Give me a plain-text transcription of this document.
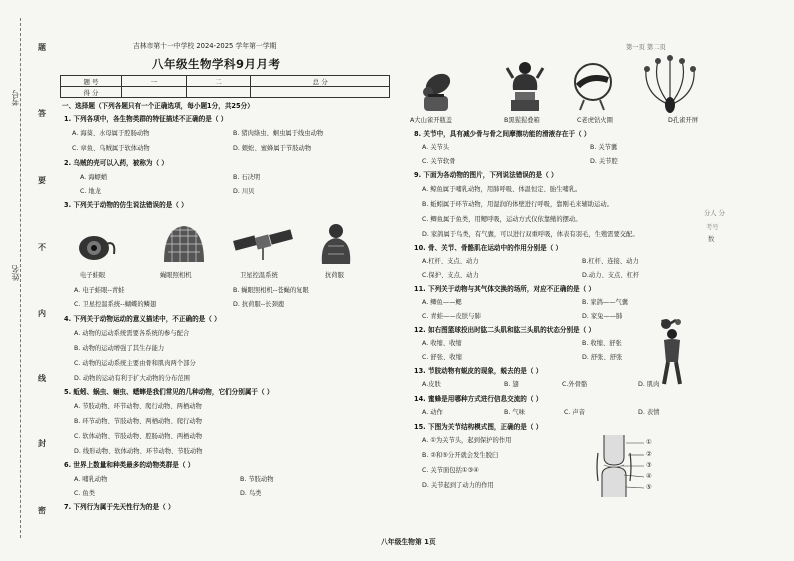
题
答
要
不
内
线
封
密
考号
姓名
吉林市第十一中学校 2024-2025 学年第一学期
八年级生物学科9月月考
题 号	一	二	总 分
得 分			
一、选择题（下列各题只有一个正确选项，每小题1分，共25分）
1. 下列各项中，各生物类群的特征描述不正确的是（ ）
A. 海葵、水母属于腔肠动物	B. 猪肉绦虫、蛔虫属于线虫动物
C. 章鱼、乌贼属于软体动物	D. 蜈蚣、蜜蜂属于节肢动物
2. 乌贼的壳可以入药，被称为（ ）
A. 海螵蛸	B. 石决明
C. 地龙	D. 川贝
3. 下列关于动物的仿生说法错误的是（ ）
电子蛙眼	蝇眼照相机	卫星控温系统	抗荷服
A. 电子蛙眼--青蛙	B. 蝇眼照相机--苍蝇的复眼
C. 卫星控温系统--蝴蝶的鳞翅	D. 抗荷服--长颈鹿
4. 下列关于动物运动的意义描述中，不正确的是（ ）
A. 动物的运动系统需要各系统的参与配合
B. 动物的运动增强了其生存能力
C. 动物的运动系统主要由骨和肌肉两个部分
D. 动物的运动有利于扩大动物的分布范围
5. 蚯蚓、蜗虫、蛔虫、蟋蟀是我们常见的几种动物，它们分别属于（ ）
A. 节肢动物、环节动物、爬行动物、两栖动物
B. 环节动物、节肢动物、两栖动物、爬行动物
C. 软体动物、节肢动物、腔肠动物、两栖动物
D. 线形动物、软体动物、环节动物、节肢动物
6. 世界上数量和种类最多的动物类群是（ ）
A. 哺乳动物	B. 节肢动物
C. 鱼类	D. 鸟类
7. 下列行为属于先天性行为的是（ ）
A大山雀开瓶盖	B黑猩猩叠箱	C老虎钻火圈	D孔雀开屏
第一页 第二页
8. 关节中，具有减少骨与骨之间摩擦功能的滑液存在于（ ）
A. 关节头	B. 关节囊
C. 关节软骨	D. 关节腔
9. 下面为各动物的图片，下列说法错误的是（ ）
A. 鲸鱼属于哺乳动物，用肺呼吸、体温恒定、胎生哺乳。
B. 蚯蚓属于环节动物，用湿润的体壁进行呼吸，靠刚毛来辅助运动。
C. 鲫鱼属于鱼类，用鳃呼吸，运动方式仅依靠鳍的摆动。
D. 家鸽属于鸟类，有气囊，可以进行双重呼吸，体表有羽毛，生殖需要交配。
10. 骨、关节、骨骼肌在运动中的作用分别是（ ）
A.杠杆、支点、动力	B.杠杆、连接、动力
C.保护、支点、动力	D.动力、支点、杠杆
11. 下列关于动物与其气体交换的场所，对应不正确的是（ ）
A. 鲫鱼——鳃	B. 家鸽——气囊
C. 青蛙——皮肤与肺	D. 家兔——肺
12. 如右图篮球投出时肱二头肌和肱三头肌的状态分别是（ ）
A. 收缩、收缩	B. 收缩、舒张
C. 舒张、收缩	D. 舒张、舒张
13. 节肢动物有蜕皮的现象，蜕去的是（ ）
A.皮肤	B. 翅	C.外骨骼	D. 肌肉
14. 蜜蜂是用哪种方式进行信息交流的（ ）
A. 动作	B. 气味	C. 声音	D. 表情
15. 下图为关节结构模式图，正确的是（ ）
A. ①为关节头，起到保护的作用
B. ②和⑤分开就会发生脱臼
C. 关节面包括①③④
D. 关节起到了动力的作用
①
②
③
④
⑤
分人 分
考号
数
八年级生物第 1页
